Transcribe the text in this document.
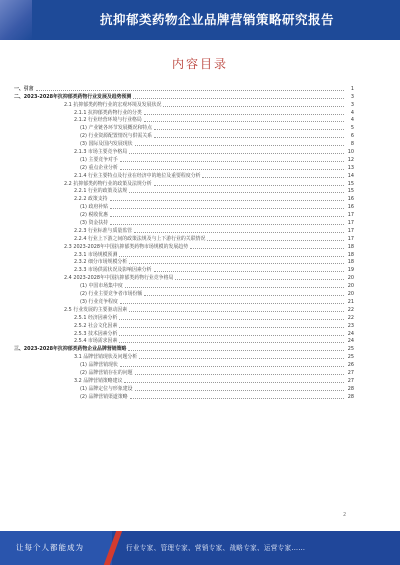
抗抑郁类药物企业品牌营销策略研究报告
内容目录
一、引言	1
二、2023-2028年抗抑郁类药物行业发展及趋势预测	3
2.1 抗抑郁类药物行业的宏观环境及发展状况	3
2.1.1 抗抑郁类药物行业的分类	4
2.1.2 行业经营环境与行业格局	4
(1) 产业链各环节发展概况和特点	5
(2) 行业资源配置情况与供需关系	6
(3) 国际及国内发展现状	8
2.1.3 市场主要竞争格局	10
(1) 主要竞争对手	12
(2) 重点企业分析	13
2.1.4 行业主要特点及行业在经济中的地位及重要程度分析	14
2.2 抗抑郁类药物行业的政策及法规分析	15
2.2.1 行业的政策及法规	15
2.2.2 政策支持	16
(1) 政府补贴	16
(2) 税收优惠	17
(3) 资金扶持	17
2.2.3 行业标准与质量监管	17
2.2.4 行业上下游之间的政策法规及与上下游行业的关联情况	17
2.3 2023-2028年中国抗抑郁类药物市场规模的发展趋势	18
2.3.1 市场规模预测	18
2.3.2 细分市场规模分析	18
2.3.3 市场供需状况及影响因素分析	19
2.4 2023-2028年中国抗抑郁类药物行业竞争格局	20
(1) 中国市场集中度	20
(2) 行业主要竞争者市场份额	20
(3) 行业竞争程度	21
2.5 行业发展的主要驱动因素	22
2.5.1 经济因素分析	22
2.5.2 社会文化因素	23
2.5.3 技术因素分析	24
2.5.4 市场需求因素	24
三、2023-2028年抗抑郁类药物企业品牌营销策略	25
3.1 品牌营销现状及问题分析	25
(1) 品牌营销现状	26
(2) 品牌营销存在的问题	27
3.2 品牌营销策略建议	27
(1) 品牌定位与形象建设	28
(2) 品牌营销渠道策略	28
2
让每个人都能成为	行业专家、管理专家、营销专家、战略专家、运营专家……
